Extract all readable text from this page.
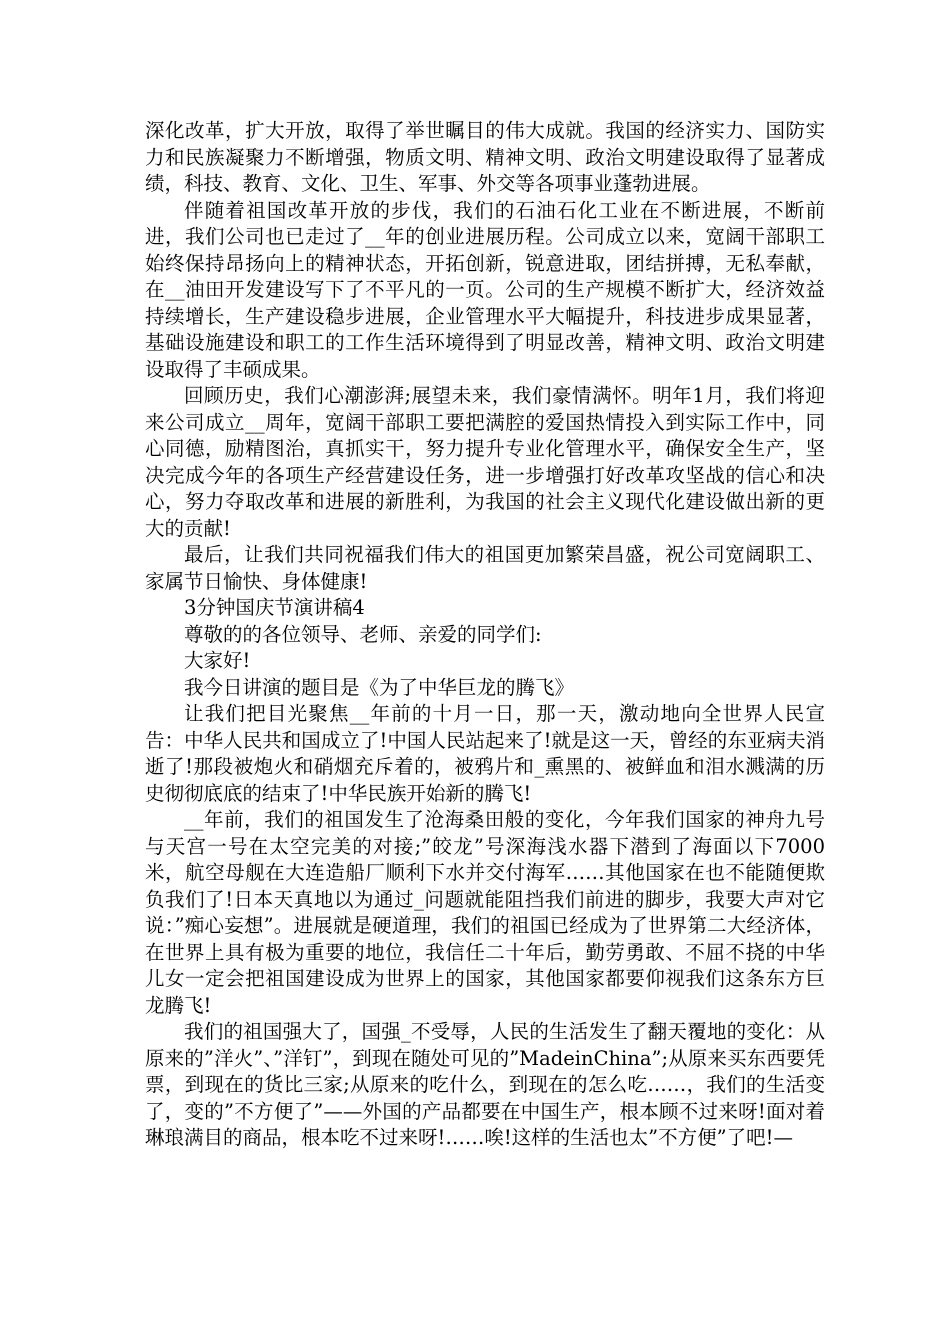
深化改革，扩大开放，取得了举世瞩目的伟大成就。我国的经济实力、国防实力和民族凝聚力不断增强，物质文明、精神文明、政治文明建设取得了显著成绩，科技、教育、文化、卫生、军事、外交等各项事业蓬勃进展。

伴随着祖国改革开放的步伐，我们的石油石化工业在不断进展，不断前进，我们公司也已走过了__年的创业进展历程。公司成立以来，宽阔干部职工始终保持昂扬向上的精神状态，开拓创新，锐意进取，团结拼搏，无私奉献，在__油田开发建设写下了不平凡的一页。公司的生产规模不断扩大，经济效益持续增长，生产建设稳步进展，企业管理水平大幅提升，科技进步成果显著，基础设施建设和职工的工作生活环境得到了明显改善，精神文明、政治文明建设取得了丰硕成果。

回顾历史，我们心潮澎湃;展望未来，我们豪情满怀。明年1月，我们将迎来公司成立__周年，宽阔干部职工要把满腔的爱国热情投入到实际工作中，同心同德，励精图治，真抓实干，努力提升专业化管理水平，确保安全生产，坚决完成今年的各项生产经营建设任务，进一步增强打好改革攻坚战的信心和决心，努力夺取改革和进展的新胜利，为我国的社会主义现代化建设做出新的更大的贡献!

最后，让我们共同祝福我们伟大的祖国更加繁荣昌盛，祝公司宽阔职工、家属节日愉快、身体健康!

3分钟国庆节演讲稿4

尊敬的的各位领导、老师、亲爱的同学们:

大家好!

我今日讲演的题目是《为了中华巨龙的腾飞》

让我们把目光聚焦__年前的十月一日，那一天，激动地向全世界人民宣告：中华人民共和国成立了!中国人民站起来了!就是这一天，曾经的东亚病夫消逝了!那段被炮火和硝烟充斥着的，被鸦片和_熏黑的、被鲜血和泪水溅满的历史彻彻底底的结束了!中华民族开始新的腾飞!

__年前，我们的祖国发生了沧海桑田般的变化，今年我们国家的神舟九号与天宫一号在太空完美的对接;”皎龙”号深海浅水器下潜到了海面以下7000米，航空母舰在大连造船厂顺利下水并交付海军……其他国家在也不能随便欺负我们了!日本天真地以为通过_问题就能阻挡我们前进的脚步，我要大声对它说：”痴心妄想”。进展就是硬道理，我们的祖国已经成为了世界第二大经济体，在世界上具有极为重要的地位，我信任二十年后，勤劳勇敢、不屈不挠的中华儿女一定会把祖国建设成为世界上的国家，其他国家都要仰视我们这条东方巨龙腾飞!

我们的祖国强大了，国强_不受辱，人民的生活发生了翻天覆地的变化：从原来的”洋火”、”洋钉”，到现在随处可见的”MadeinChina”;从原来买东西要凭票，到现在的货比三家;从原来的吃什么，到现在的怎么吃……，我们的生活变了，变的”不方便了”——外国的产品都要在中国生产，根本顾不过来呀!面对着琳琅满目的商品，根本吃不过来呀!……唉!这样的生活也太”不方便”了吧!—
